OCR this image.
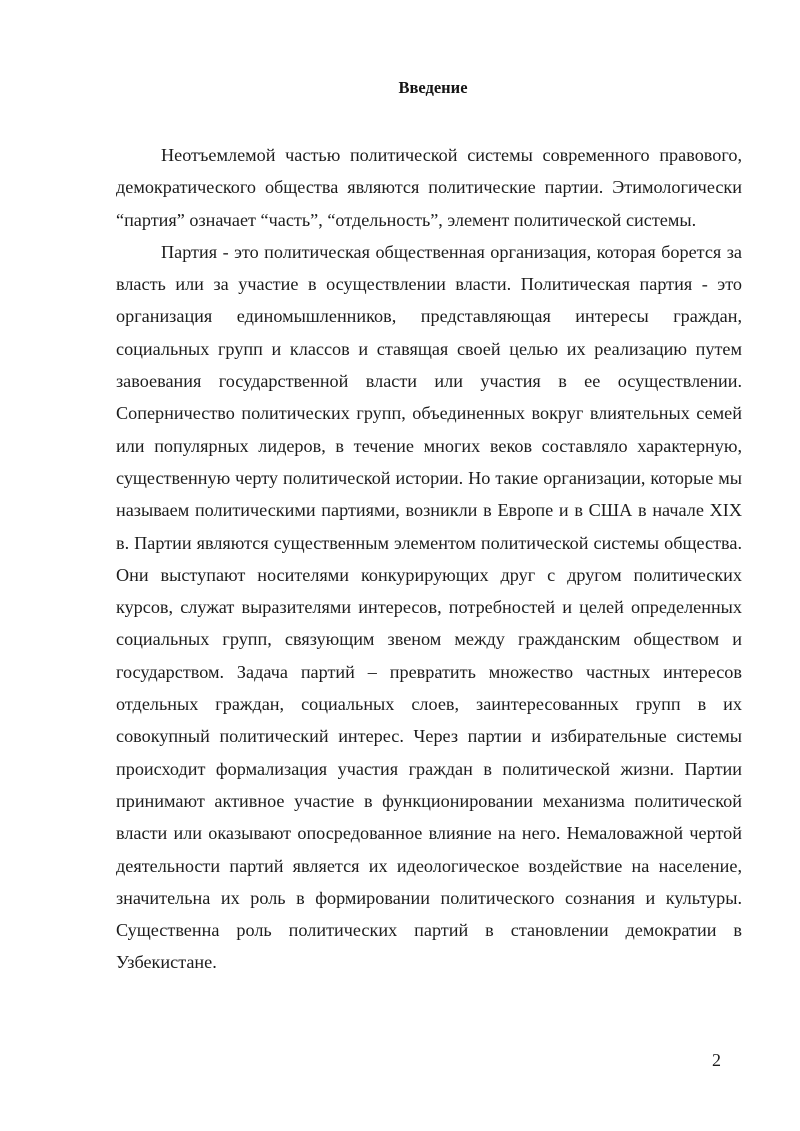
Введение

Неотъемлемой частью политической системы современного правового, демократического общества являются политические партии. Этимологически “партия” означает “часть”, “отдельность”, элемент политической системы.

Партия - это политическая общественная организация, которая борется за власть или за участие в осуществлении власти. Политическая партия - это организация единомышленников, представляющая интересы граждан, социальных групп и классов и ставящая своей целью их реализацию путем завоевания государственной власти или участия в ее осуществлении. Соперничество политических групп, объединенных вокруг влиятельных семей или популярных лидеров, в течение многих веков составляло характерную, существенную черту политической истории. Но такие организации, которые мы называем политическими партиями, возникли в Европе и в США в начале XIX в. Партии являются существенным элементом политической системы общества. Они выступают носителями конкурирующих друг с другом политических курсов, служат выразителями интересов, потребностей и целей определенных социальных групп, связующим звеном между гражданским обществом и государством. Задача партий – превратить множество частных интересов отдельных граждан, социальных слоев, заинтересованных групп в их совокупный политический интерес. Через партии и избирательные системы происходит формализация участия граждан в политической жизни. Партии принимают активное участие в функционировании механизма политической власти или оказывают опосредованное влияние на него. Немаловажной чертой деятельности партий является их идеологическое воздействие на население, значительна их роль в формировании политического сознания и культуры. Существенна роль политических партий в становлении демократии в Узбекистане.

2
